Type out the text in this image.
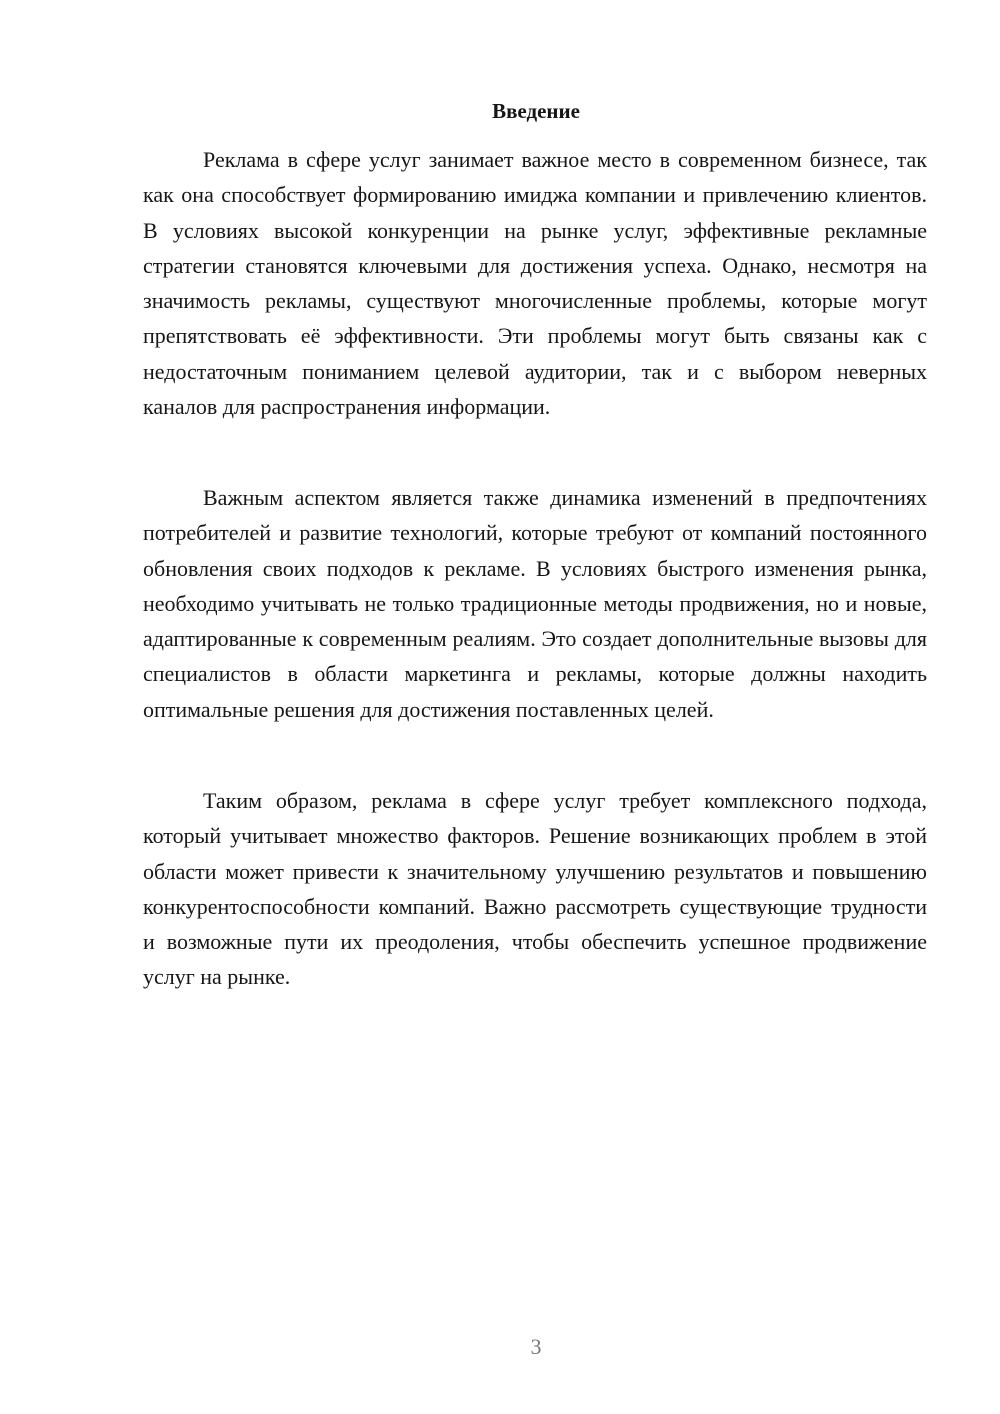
Введение

Реклама в сфере услуг занимает важное место в современном бизнесе, так как она способствует формированию имиджа компании и привлечению клиентов. В условиях высокой конкуренции на рынке услуг, эффективные рекламные стратегии становятся ключевыми для достижения успеха. Однако, несмотря на значимость рекламы, существуют многочисленные проблемы, которые могут препятствовать её эффективности. Эти проблемы могут быть связаны как с недостаточным пониманием целевой аудитории, так и с выбором неверных каналов для распространения информации.

Важным аспектом является также динамика изменений в предпочтениях потребителей и развитие технологий, которые требуют от компаний постоянного обновления своих подходов к рекламе. В условиях быстрого изменения рынка, необходимо учитывать не только традиционные методы продвижения, но и новые, адаптированные к современным реалиям. Это создает дополнительные вызовы для специалистов в области маркетинга и рекламы, которые должны находить оптимальные решения для достижения поставленных целей.

Таким образом, реклама в сфере услуг требует комплексного подхода, который учитывает множество факторов. Решение возникающих проблем в этой области может привести к значительному улучшению результатов и повышению конкурентоспособности компаний. Важно рассмотреть существующие трудности и возможные пути их преодоления, чтобы обеспечить успешное продвижение услуг на рынке.

3
